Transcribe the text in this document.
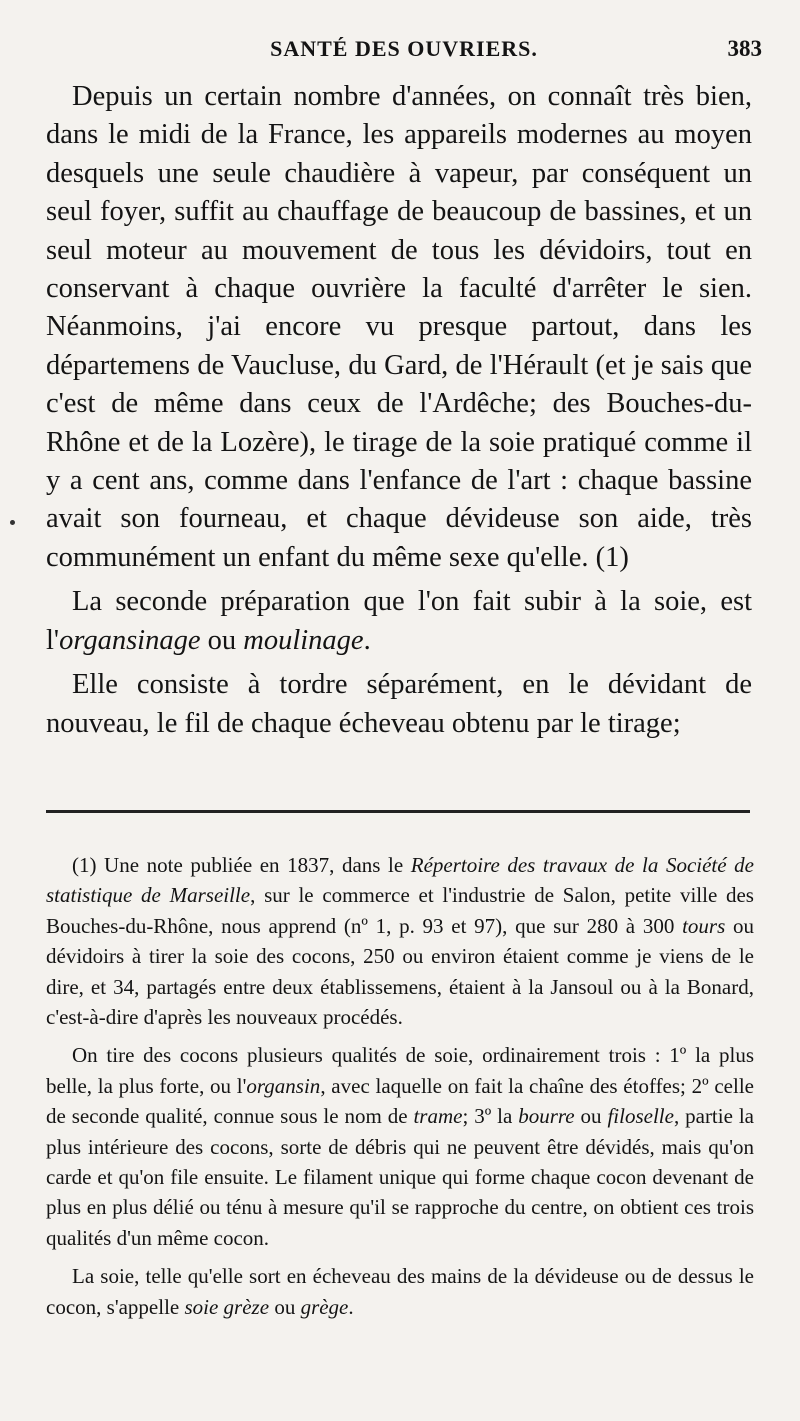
SANTÉ DES OUVRIERS.	383

Depuis un certain nombre d'années, on connaît très bien, dans le midi de la France, les appareils modernes au moyen desquels une seule chaudière à vapeur, par conséquent un seul foyer, suffit au chauffage de beaucoup de bassines, et un seul moteur au mouvement de tous les dévidoirs, tout en conservant à chaque ouvrière la faculté d'arrêter le sien. Néanmoins, j'ai encore vu presque partout, dans les départemens de Vaucluse, du Gard, de l'Hérault (et je sais que c'est de même dans ceux de l'Ardêche; des Bouches-du-Rhône et de la Lozère), le tirage de la soie pratiqué comme il y a cent ans, comme dans l'enfance de l'art : chaque bassine avait son fourneau, et chaque dévideuse son aide, très communément un enfant du même sexe qu'elle. (1)

La seconde préparation que l'on fait subir à la soie, est l'organsinage ou moulinage.

Elle consiste à tordre séparément, en le dévidant de nouveau, le fil de chaque écheveau obtenu par le tirage;

(1) Une note publiée en 1837, dans le Répertoire des travaux de la Société de statistique de Marseille, sur le commerce et l'industrie de Salon, petite ville des Bouches-du-Rhône, nous apprend (nº 1, p. 93 et 97), que sur 280 à 300 tours ou dévidoirs à tirer la soie des cocons, 250 ou environ étaient comme je viens de le dire, et 34, partagés entre deux établissemens, étaient à la Jansoul ou à la Bonard, c'est-à-dire d'après les nouveaux procédés.

On tire des cocons plusieurs qualités de soie, ordinairement trois : 1º la plus belle, la plus forte, ou l'organsin, avec laquelle on fait la chaîne des étoffes; 2º celle de seconde qualité, connue sous le nom de trame; 3º la bourre ou filoselle, partie la plus intérieure des cocons, sorte de débris qui ne peuvent être dévidés, mais qu'on carde et qu'on file ensuite. Le filament unique qui forme chaque cocon devenant de plus en plus délié ou ténu à mesure qu'il se rapproche du centre, on obtient ces trois qualités d'un même cocon.

La soie, telle qu'elle sort en écheveau des mains de la dévideuse ou de dessus le cocon, s'appelle soie grèze ou grège.
